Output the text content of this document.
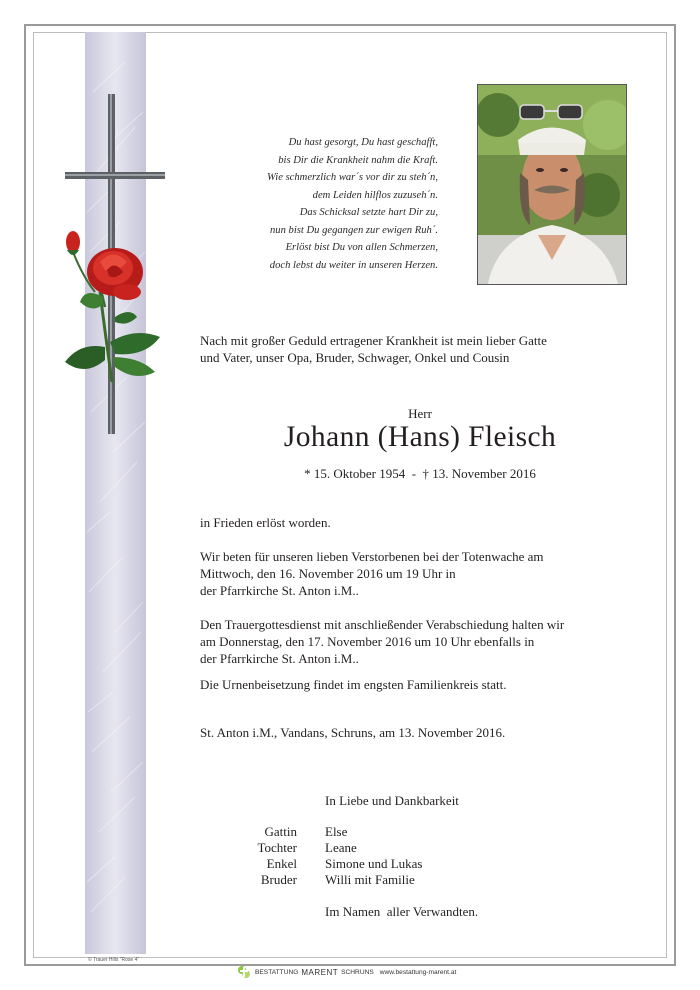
Du hast gesorgt, Du hast geschafft,
bis Dir die Krankheit nahm die Kraft.
Wie schmerzlich war´s vor dir zu steh´n,
dem Leiden hilflos zuzuseh´n.
Das Schicksal setzte hart Dir zu,
nun bist Du gegangen zur ewigen Ruh´.
Erlöst bist Du von allen Schmerzen,
doch lebst du weiter in unseren Herzen.
Nach mit großer Geduld ertragener Krankheit ist mein lieber Gatte
und Vater, unser Opa, Bruder, Schwager, Onkel und Cousin
Herr
Johann (Hans) Fleisch
* 15. Oktober 1954  -  † 13. November 2016
in Frieden erlöst worden.
Wir beten für unseren lieben Verstorbenen bei der Totenwache am
Mittwoch, den 16. November 2016 um 19 Uhr in
der Pfarrkirche St. Anton i.M..
Den Trauergottesdienst mit anschließender Verabschiedung halten wir
am Donnerstag, den 17. November 2016 um 10 Uhr ebenfalls in
der Pfarrkirche St. Anton i.M..
Die Urnenbeisetzung findet im engsten Familienkreis statt.
St. Anton i.M., Vandans, Schruns, am 13. November 2016.
In Liebe und Dankbarkeit
Gattin	Else
Tochter	Leane
Enkel	Simone und Lukas
Bruder	Willi mit Familie
Im Namen  aller Verwandten.
© Trauer Hills "Rose 4"
BESTATTUNG MARENT SCHRUNS www.bestattung-marent.at
